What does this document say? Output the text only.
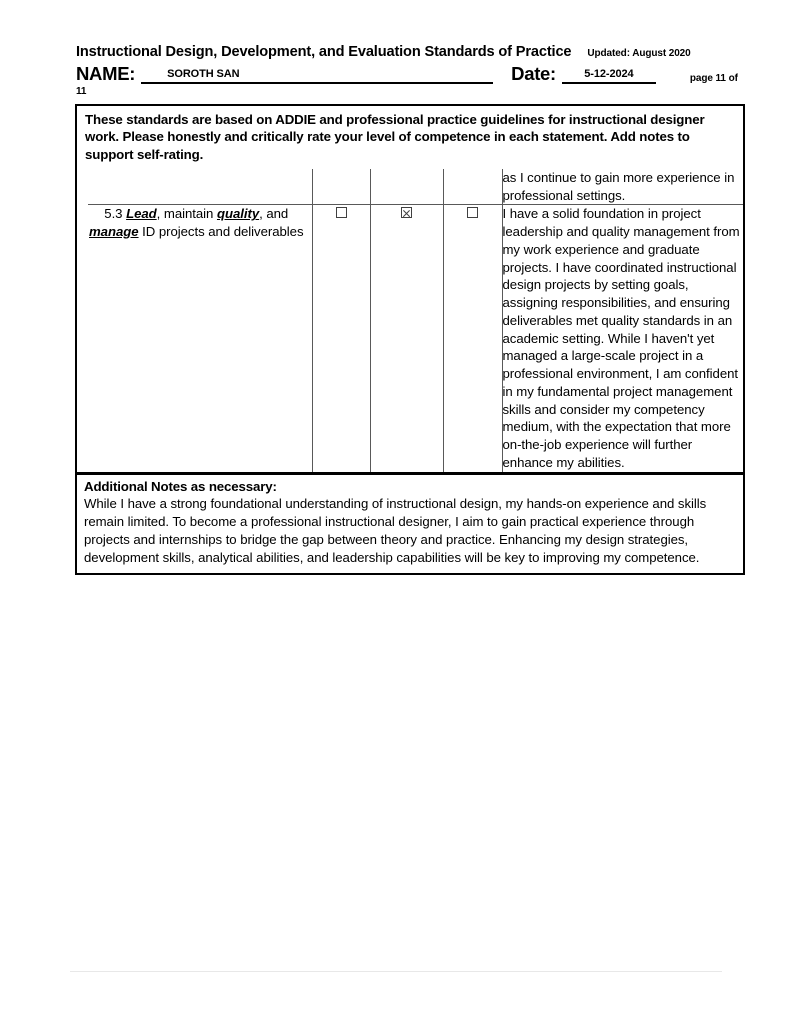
Instructional Design, Development, and Evaluation Standards of Practice Updated: August 2020
NAME:	SOROTH SAN	Date:	5-12-2024	page 11 of
11
These standards are based on ADDIE and professional practice guidelines for instructional designer work. Please honestly and critically rate your level of competence in each statement. Add notes to support self-rating.

				as I continue to gain more experience in professional settings.

5.3 Lead, maintain quality, and manage ID projects and deliverables				I have a solid foundation in project leadership and quality management from my work experience and graduate projects. I have coordinated instructional design projects by setting goals, assigning responsibilities, and ensuring deliverables met quality standards in an academic setting. While I haven't yet managed a large-scale project in a professional environment, I am confident in my fundamental project management skills and consider my competency medium, with the expectation that more on-the-job experience will further enhance my abilities.
Additional Notes as necessary:
While I have a strong foundational understanding of instructional design, my hands-on experience and skills remain limited. To become a professional instructional designer, I aim to gain practical experience through projects and internships to bridge the gap between theory and practice. Enhancing my design strategies, development skills, analytical abilities, and leadership capabilities will be key to improving my competence.
